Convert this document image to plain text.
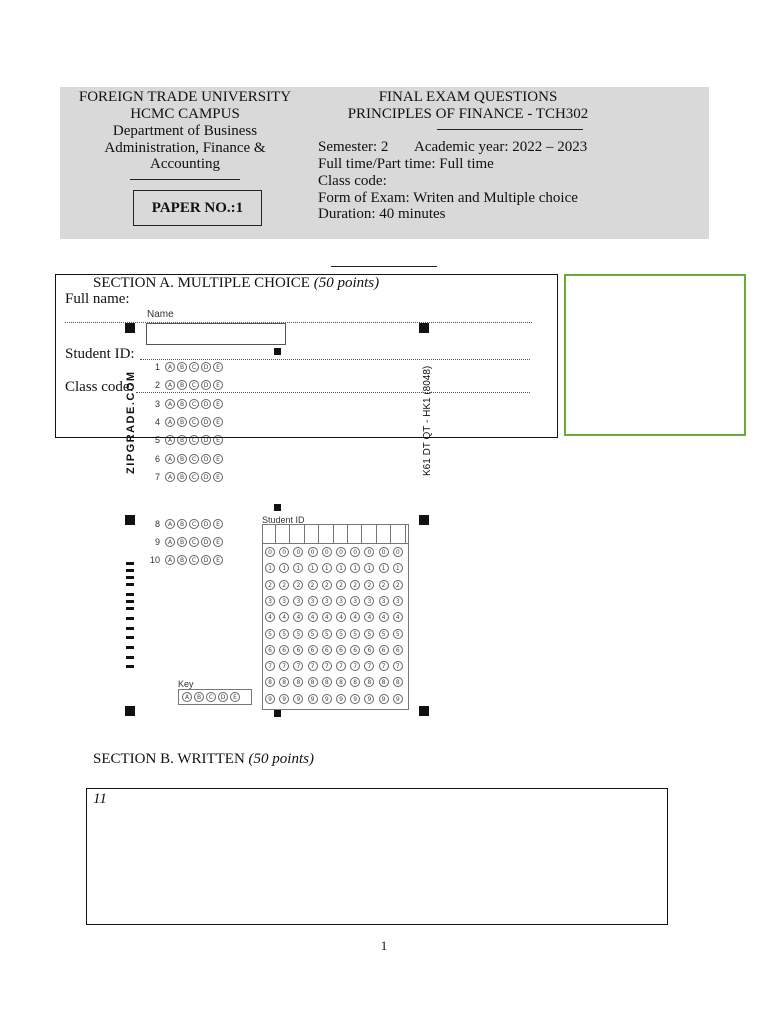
FOREIGN TRADE UNIVERSITY
HCMC CAMPUS
Department of Business
Administration, Finance &
Accounting
PAPER NO.:1
FINAL EXAM QUESTIONS
PRINCIPLES OF FINANCE - TCH302
Semester: 2 Academic year: 2022 – 2023
Full time/Part time: Full time
Class code:
Form of Exam: Writen and Multiple choice
Duration: 40 minutes
Name
ZIPGRADE.COM	K61 DT QT - HK1 (8048)
1	A	B	C	D	E
2	A	B	C	D	E
3	A	B	C	D	E
4	A	B	C	D	E
5	A	B	C	D	E
6	A	B	C	D	E
7	A	B	C	D	E
8	A	B	C	D	E
9	A	B	C	D	E
10	A	B	C	D	E
Student ID
0	0	0	0	0	0	0	0	0	0
1	1	1	1	1	1	1	1	1	1
2	2	2	2	2	2	2	2	2	2
3	3	3	3	3	3	3	3	3	3
4	4	4	4	4	4	4	4	4	4
5	5	5	5	5	5	5	5	5	5
6	6	6	6	6	6	6	6	6	6
7	7	7	7	7	7	7	7	7	7
8	8	8	8	8	8	8	8	8	8
9	9	9	9	9	9	9	9	9	9
Key
A	B	C	D	E
SECTION A. MULTIPLE CHOICE (50 points)
Full name:
Student ID:
Class code:
SECTION B. WRITTEN (50 points)
11
1
